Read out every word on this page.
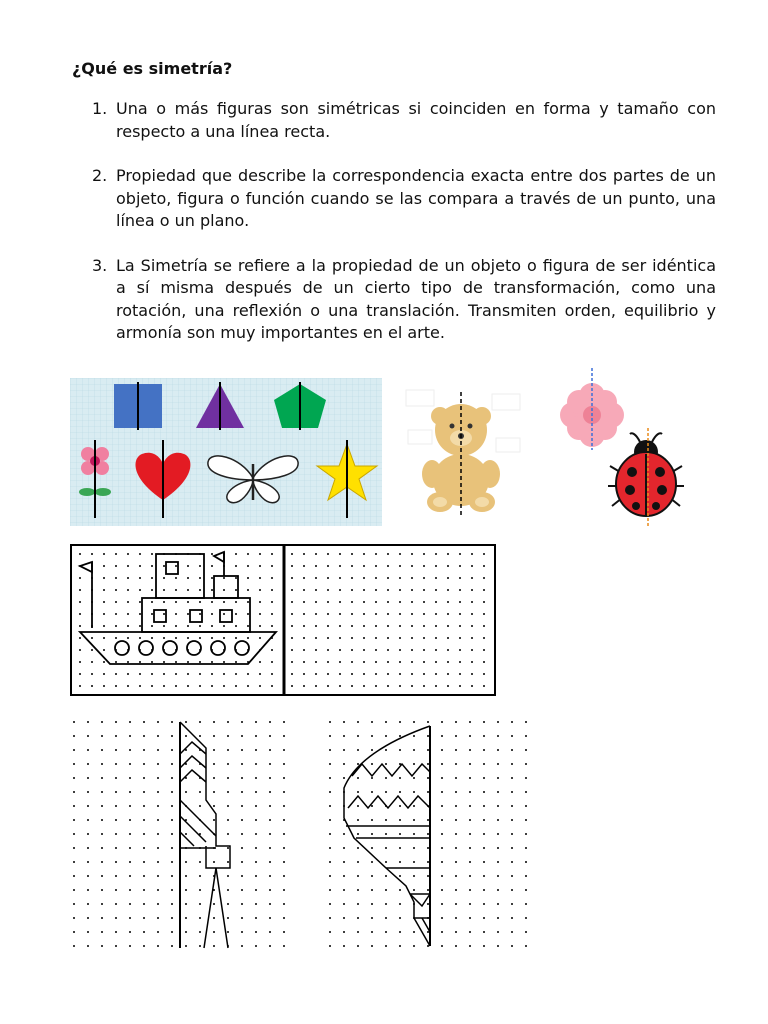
¿Qué es simetría?
1. Una o más figuras son simétricas si coinciden en forma y tamaño con respecto a una línea recta.
2. Propiedad que describe la correspondencia exacta entre dos partes de un objeto, figura o función cuando se las compara a través de un punto, una línea o un plano.
3. La Simetría se refiere a la propiedad de un objeto o figura de ser idéntica a sí misma después de un cierto tipo de transformación, como una rotación, una reflexión o una translación. Transmiten orden, equilibrio y armonía son muy importantes en el arte.
